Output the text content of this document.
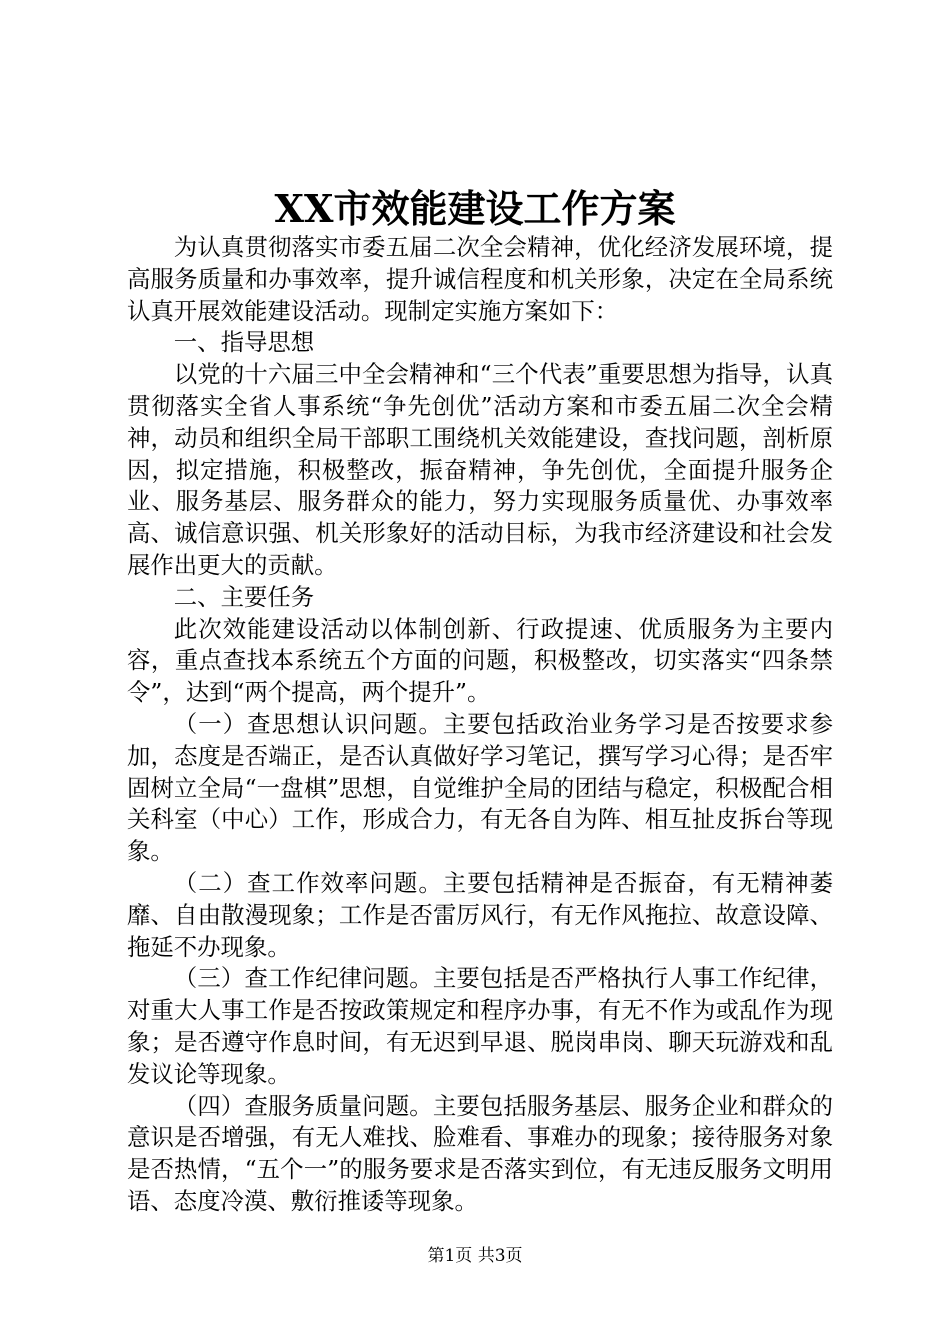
XX市效能建设工作方案

为认真贯彻落实市委五届二次全会精神，优化经济发展环境，提高服务质量和办事效率，提升诚信程度和机关形象，决定在全局系统认真开展效能建设活动。现制定实施方案如下：

一、指导思想

以党的十六届三中全会精神和“三个代表”重要思想为指导，认真贯彻落实全省人事系统“争先创优”活动方案和市委五届二次全会精神，动员和组织全局干部职工围绕机关效能建设，查找问题，剖析原因，拟定措施，积极整改，振奋精神，争先创优，全面提升服务企业、服务基层、服务群众的能力，努力实现服务质量优、办事效率高、诚信意识强、机关形象好的活动目标，为我市经济建设和社会发展作出更大的贡献。

二、主要任务

此次效能建设活动以体制创新、行政提速、优质服务为主要内容，重点查找本系统五个方面的问题，积极整改，切实落实“四条禁令”，达到“两个提高，两个提升”。

（一）查思想认识问题。主要包括政治业务学习是否按要求参加，态度是否端正，是否认真做好学习笔记，撰写学习心得；是否牢固树立全局“一盘棋”思想，自觉维护全局的团结与稳定，积极配合相关科室（中心）工作，形成合力，有无各自为阵、相互扯皮拆台等现象。

（二）查工作效率问题。主要包括精神是否振奋，有无精神萎靡、自由散漫现象；工作是否雷厉风行，有无作风拖拉、故意设障、拖延不办现象。

（三）查工作纪律问题。主要包括是否严格执行人事工作纪律，对重大人事工作是否按政策规定和程序办事，有无不作为或乱作为现象；是否遵守作息时间，有无迟到早退、脱岗串岗、聊天玩游戏和乱发议论等现象。

（四）查服务质量问题。主要包括服务基层、服务企业和群众的意识是否增强，有无人难找、脸难看、事难办的现象；接待服务对象是否热情，“五个一”的服务要求是否落实到位，有无违反服务文明用语、态度冷漠、敷衍推诿等现象。

第1页 共3页
